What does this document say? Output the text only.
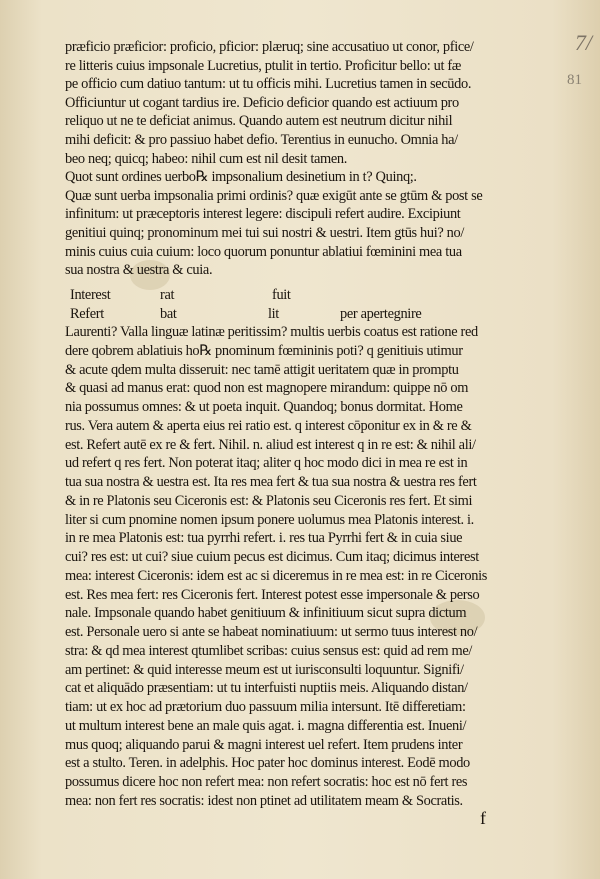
7/
81
præficio præficior: proficio, pficior: plæruq; sine accusatiuo ut conor, pfice/
re litteris cuius impsonale Lucretius, ptulit in tertio. Proficitur bello: ut fæ
pe officio cum datiuo tantum: ut tu officis mihi. Lucretius tamen in secūdo.
Officiuntur ut cogant tardius ire. Deficio deficior quando est actiuum pro
reliquo ut ne te deficiat animus. Quando autem est neutrum dicitur nihil
mihi deficit: & pro passiuo habet defio. Terentius in eunucho. Omnia ha/
beo neq; quicq; habeo: nihil cum est nil desit tamen.
Quot sunt ordines uerbo℞ impsonalium desinetium in t? Quinq;.
Quæ sunt uerba impsonalia primi ordinis? quæ exigūt ante se gtūm & post se
infinitum: ut præceptoris interest legere: discipuli refert audire. Excipiunt
genitiui quinq; pronominum mei tui sui nostri & uestri. Item gtūs hui? no/
minis cuius cuia cuium: loco quorum ponuntur ablatiui fœminini mea tua
sua nostra & uestra & cuia.
Laurenti? Valla linguæ latinæ peritissim? multis uerbis coatus est ratione red
dere qobrem ablatiuis ho℞ pnominum fœmininis poti? q genitiuis utimur
& acute qdem multa disseruit: nec tamē attigit ueritatem quæ in promptu
& quasi ad manus erat: quod non est magnopere mirandum: quippe nō om
nia possumus omnes: & ut poeta inquit. Quandoq; bonus dormitat. Home
rus. Vera autem & aperta eius rei ratio est. q interest cōponitur ex in & re &
est. Refert autē ex re & fert. Nihil. n. aliud est interest q in re est: & nihil ali/
ud refert q res fert. Non poterat itaq; aliter q hoc modo dici in mea re est in
tua sua nostra & uestra est. Ita res mea fert & tua sua nostra & uestra res fert
& in re Platonis seu Ciceronis est: & Platonis seu Ciceronis res fert. Et simi
liter si cum pnomine nomen ipsum ponere uolumus mea Platonis interest. i.
in re mea Platonis est: tua pyrrhi refert. i. res tua Pyrrhi fert & in cuia siue
cui? res est: ut cui? siue cuium pecus est dicimus. Cum itaq; dicimus interest
mea: interest Ciceronis: idem est ac si diceremus in re mea est: in re Ciceronis
est. Res mea fert: res Ciceronis fert. Interest potest esse impersonale & perso
nale. Impsonale quando habet genitiuum & infinitiuum sicut supra dictum
est. Personale uero si ante se habeat nominatiuum: ut sermo tuus interest no/
stra: & qd mea interest qtumlibet scribas: cuius sensus est: quid ad rem me/
am pertinet: & quid interesse meum est ut iurisconsulti loquuntur. Signifi/
cat et aliquādo præsentiam: ut tu interfuisti nuptiis meis. Aliquando distan/
tiam: ut ex hoc ad prætorium duo passuum milia intersunt. Itē differetiam:
ut multum interest bene an male quis agat. i. magna differentia est. Inueni/
mus quoq; aliquando parui & magni interest uel refert. Item prudens inter
est a stulto. Teren. in adelphis. Hoc pater hoc dominus interest. Eodē modo
possumus dicere hoc non refert mea: non refert socratis: hoc est nō fert res
mea: non fert res socratis: idest non ptinet ad utilitatem meam & Socratis.
Interest	rat	fuit
Refert	bat	lit	per apertegnire
f
